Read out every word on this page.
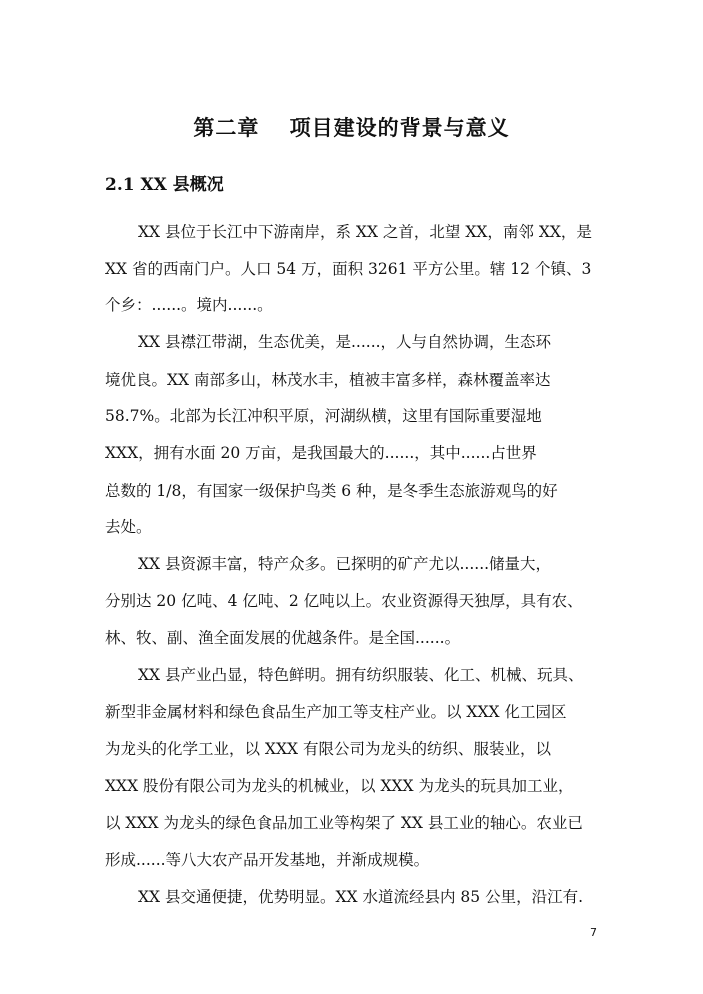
第二章　 项目建设的背景与意义
2.1 XX 县概况
XX 县位于长江中下游南岸，系 XX 之首，北望 XX，南邻 XX，是
XX 省的西南门户。人口 54 万，面积 3261 平方公里。辖 12 个镇、3
个乡：......。境内......。
XX 县襟江带湖，生态优美，是......，人与自然协调，生态环
境优良。XX 南部多山，林茂水丰，植被丰富多样，森林覆盖率达
58.7%。北部为长江冲积平原，河湖纵横，这里有国际重要湿地
XXX，拥有水面 20 万亩，是我国最大的......，其中......占世界
总数的 1/8，有国家一级保护鸟类 6 种，是冬季生态旅游观鸟的好
去处。
XX 县资源丰富，特产众多。已探明的矿产尤以......储量大，
分别达 20 亿吨、4 亿吨、2 亿吨以上。农业资源得天独厚，具有农、
林、牧、副、渔全面发展的优越条件。是全国......。
XX 县产业凸显，特色鲜明。拥有纺织服装、化工、机械、玩具、
新型非金属材料和绿色食品生产加工等支柱产业。以 XXX 化工园区
为龙头的化学工业，以 XXX 有限公司为龙头的纺织、服装业，以
XXX 股份有限公司为龙头的机械业，以 XXX 为龙头的玩具加工业，
以 XXX 为龙头的绿色食品加工业等构架了 XX 县工业的轴心。农业已
形成......等八大农产品开发基地，并渐成规模。
XX 县交通便捷，优势明显。XX 水道流经县内 85 公里，沿江有.
7
